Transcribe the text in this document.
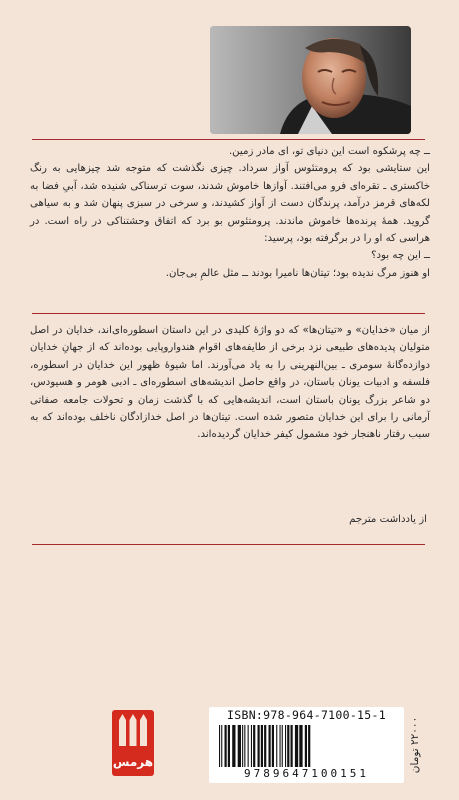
ــ چه پرشکوه است این دنیای تو، ای مادر زمین.

این ستایشی بود که پرومتئوس آواز سرداد. چیزی نگذشت که متوجه شد چیزهایی به رنگ خاکستری ـ تقره‌ای فرو می‌افتند. آوازها خاموش شدند، سوت ترسناکی شنیده شد، آبیِ فضا به لکه‌های قرمز درآمد، پرندگان دست از آواز کشیدند، و سرخی در سبزی پنهان شد و به سیاهی گروید. همهٔ پرنده‌ها خاموش ماندند. پرومتئوس بو برد که اتفاق وحشتناکی در راه است. در هراسی که او را در برگرفته بود، پرسید:

ــ این چه بود؟

او هنوز مرگ ندیده بود؛ تیتان‌ها نامیرا بودند ــ مثل عالمِ بی‌جان.

از میان «خدایان» و «تیتان‌ها» که دو واژهٔ کلیدی در این داستان اسطوره‌ای‌اند، خدایان در اصل متولیان پدیده‌های طبیعی نزد برخی از طایفه‌های اقوام هندواروپایی بوده‌اند که از جهانِ خدایان دوازده‌گانهٔ سومری ـ بین‌النهرینی را به یاد می‌آورند. اما شیوهٔ ظهور این خدایان در اسطوره، فلسفه و ادبیات یونان باستان، در واقع حاصل اندیشه‌های اسطوره‌ای ـ ادبی هومر و هسیودس، دو شاعر بزرگ یونان باستان است، اندیشه‌هایی که با گذشت زمان و تحولات جامعه صفاتی آرمانی را برای این خدایان متصور شده است. تیتان‌ها در اصل خدازادگان ناخلف بوده‌اند که به سبب رفتار ناهنجار خود مشمول کیفر خدایان گردیده‌اند.

از یادداشت مترجم
هرمس
ISBN:978-964-7100-15-1
9789647100151
۲۲۰۰۰ تومان
